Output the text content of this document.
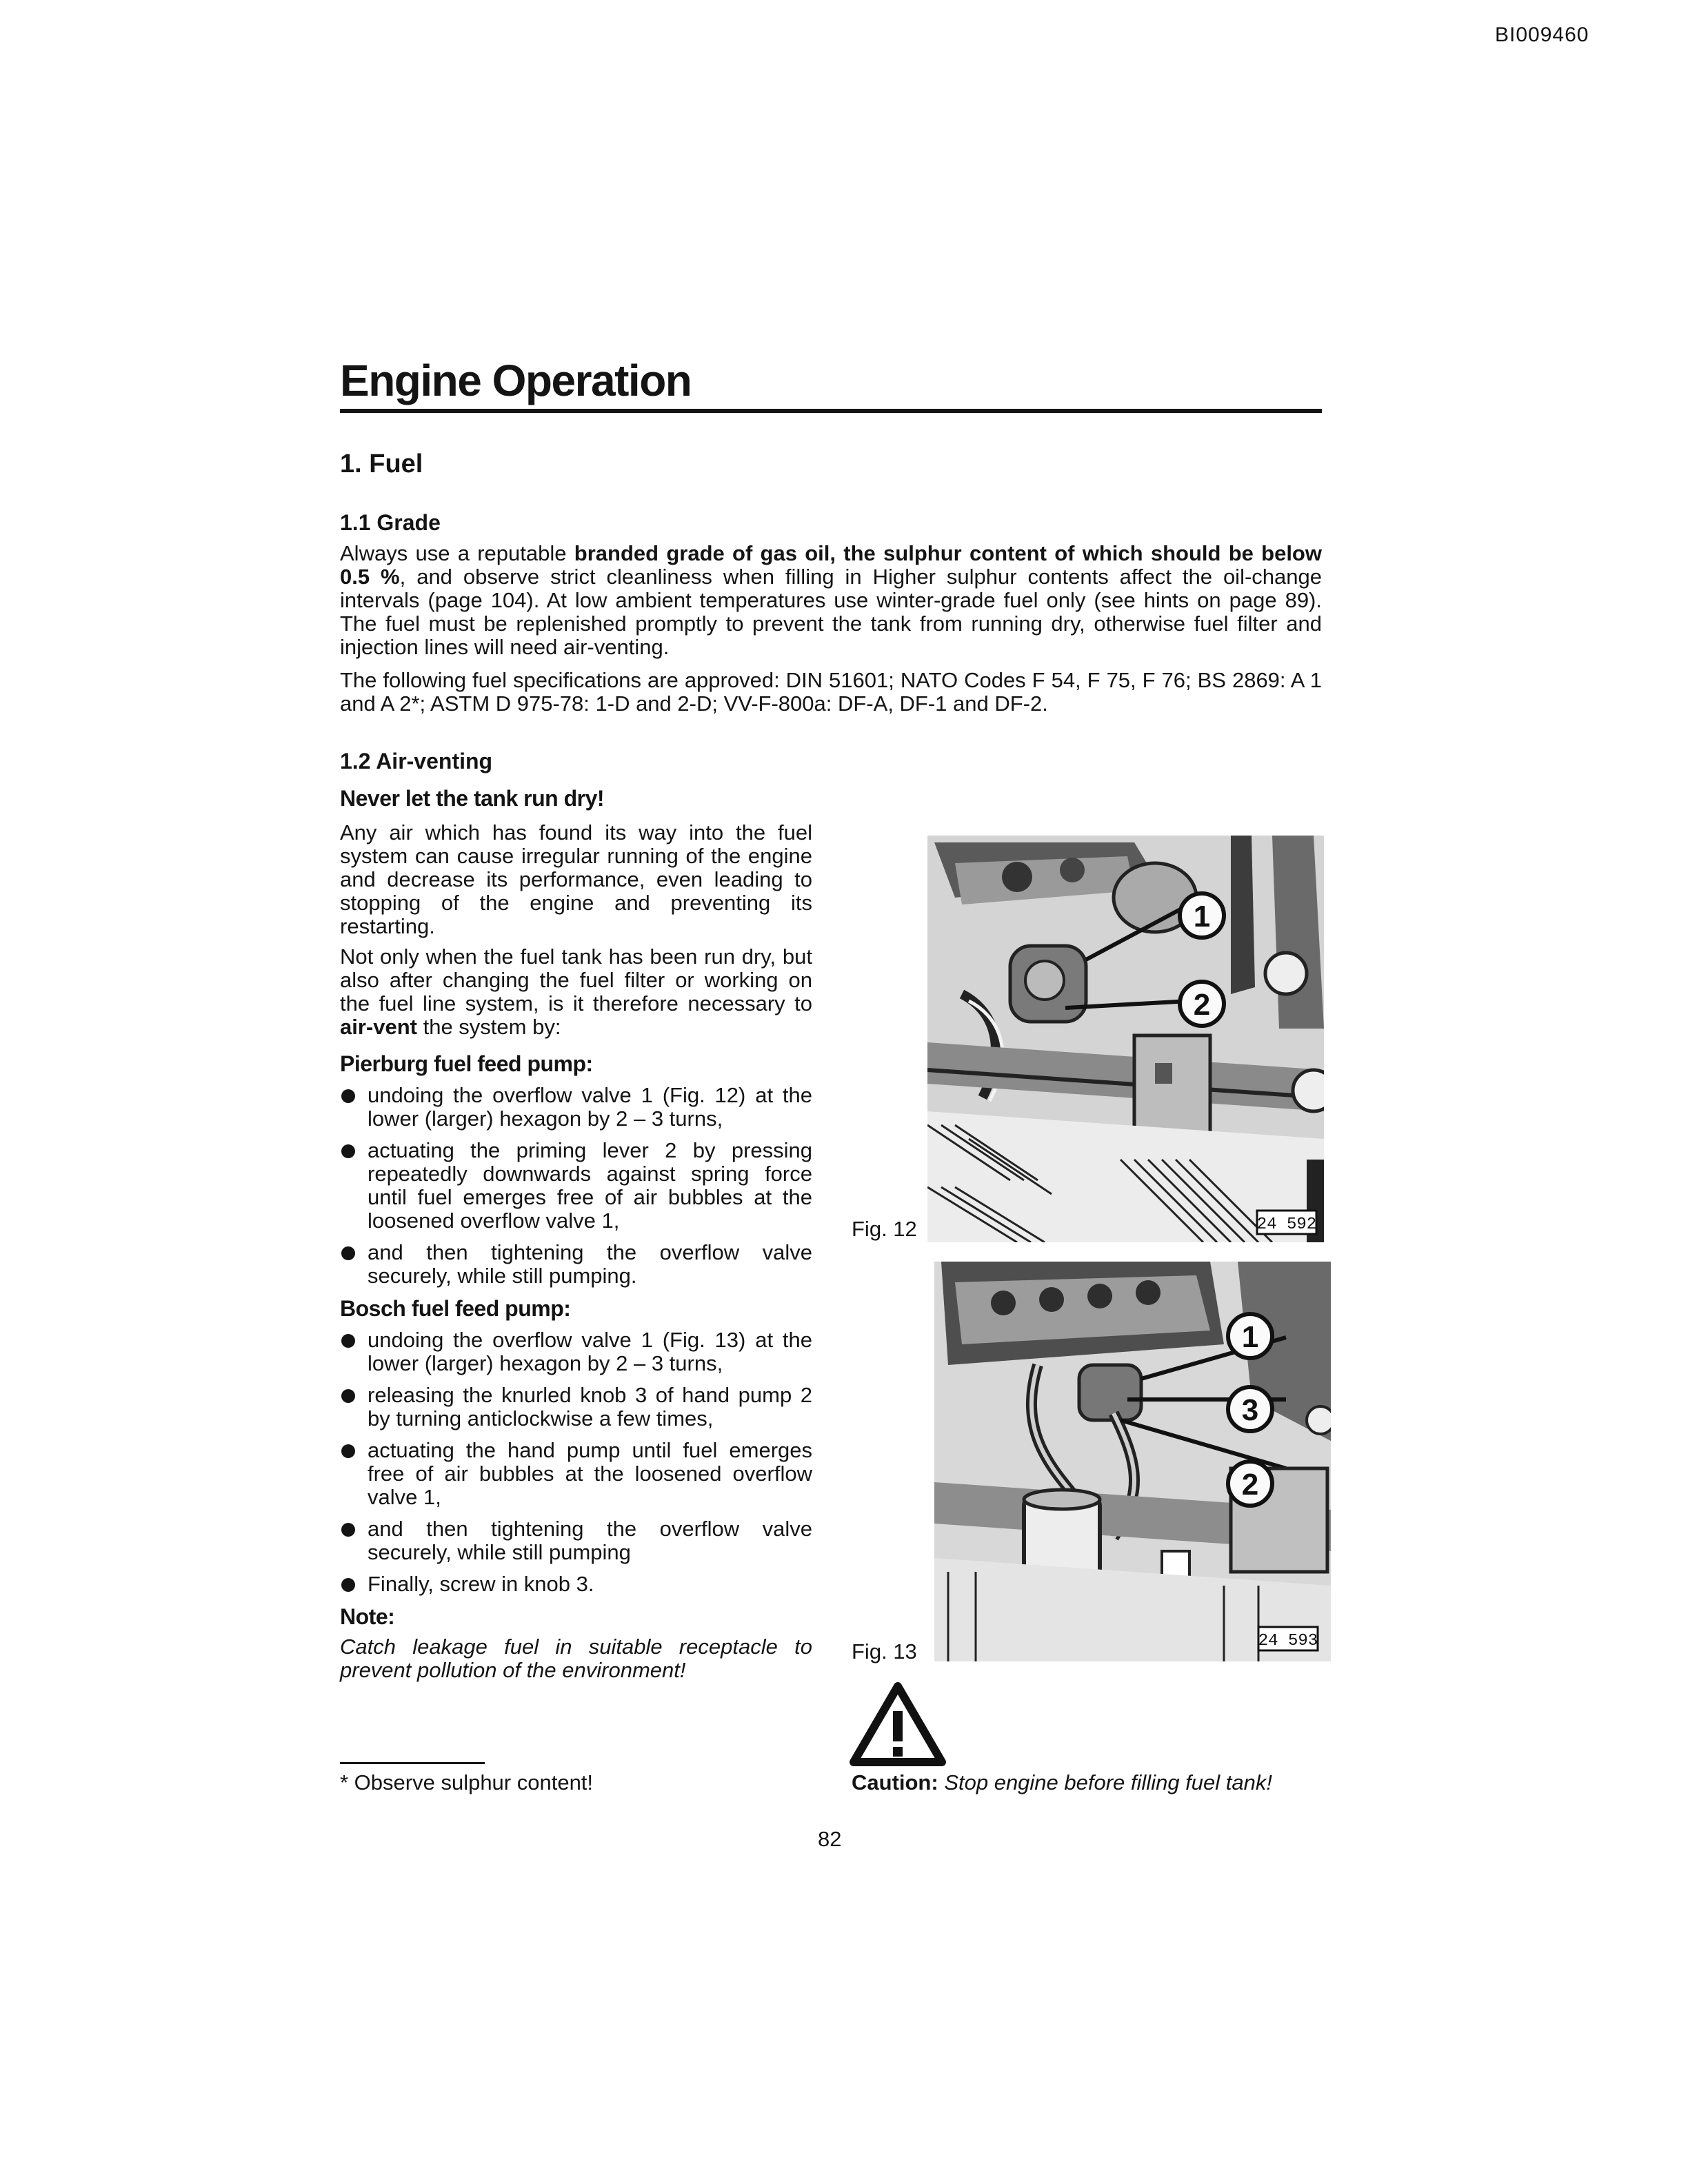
BI009460
Engine Operation
1. Fuel
1.1 Grade

Always use a reputable branded grade of gas oil, the sulphur content of which should be below 0.5 %, and observe strict cleanliness when filling in Higher sulphur contents affect the oil-change intervals (page 104). At low ambient temperatures use winter-grade fuel only (see hints on page 89). The fuel must be replenished promptly to prevent the tank from running dry, otherwise fuel filter and injection lines will need air-venting.

The following fuel specifications are approved: DIN 51601; NATO Codes F 54, F 75, F 76; BS 2869: A 1 and A 2*; ASTM D 975-78: 1-D and 2-D; VV-F-800a: DF-A, DF-1 and DF-2.

1.2 Air-venting

Never let the tank run dry!

Any air which has found its way into the fuel system can cause irregular running of the engine and decrease its performance, even leading to stopping of the engine and preventing its restarting.

Not only when the fuel tank has been run dry, but also after changing the fuel filter or working on the fuel line system, is it therefore necessary to air-vent the system by:

Pierburg fuel feed pump:

undoing the overflow valve 1 (Fig. 12) at the lower (larger) hexagon by 2 – 3 turns,
actuating the priming lever 2 by pressing repeatedly downwards against spring force until fuel emerges free of air bubbles at the loosened overflow valve 1,
and then tightening the overflow valve securely, while still pumping.

Bosch fuel feed pump:

undoing the overflow valve 1 (Fig. 13) at the lower (larger) hexagon by 2 – 3 turns,
releasing the knurled knob 3 of hand pump 2 by turning anticlockwise a few times,
actuating the hand pump until fuel emerges free of air bubbles at the loosened overflow valve 1,
and then tightening the overflow valve securely, while still pumping
Finally, screw in knob 3.

Note:

Catch leakage fuel in suitable receptacle to prevent pollution of the environment!

Fig. 12
1
2
24 592
Fig. 13
1
3
2
24 593
* Observe sulphur content!	Caution: Stop engine before filling fuel tank!
82
